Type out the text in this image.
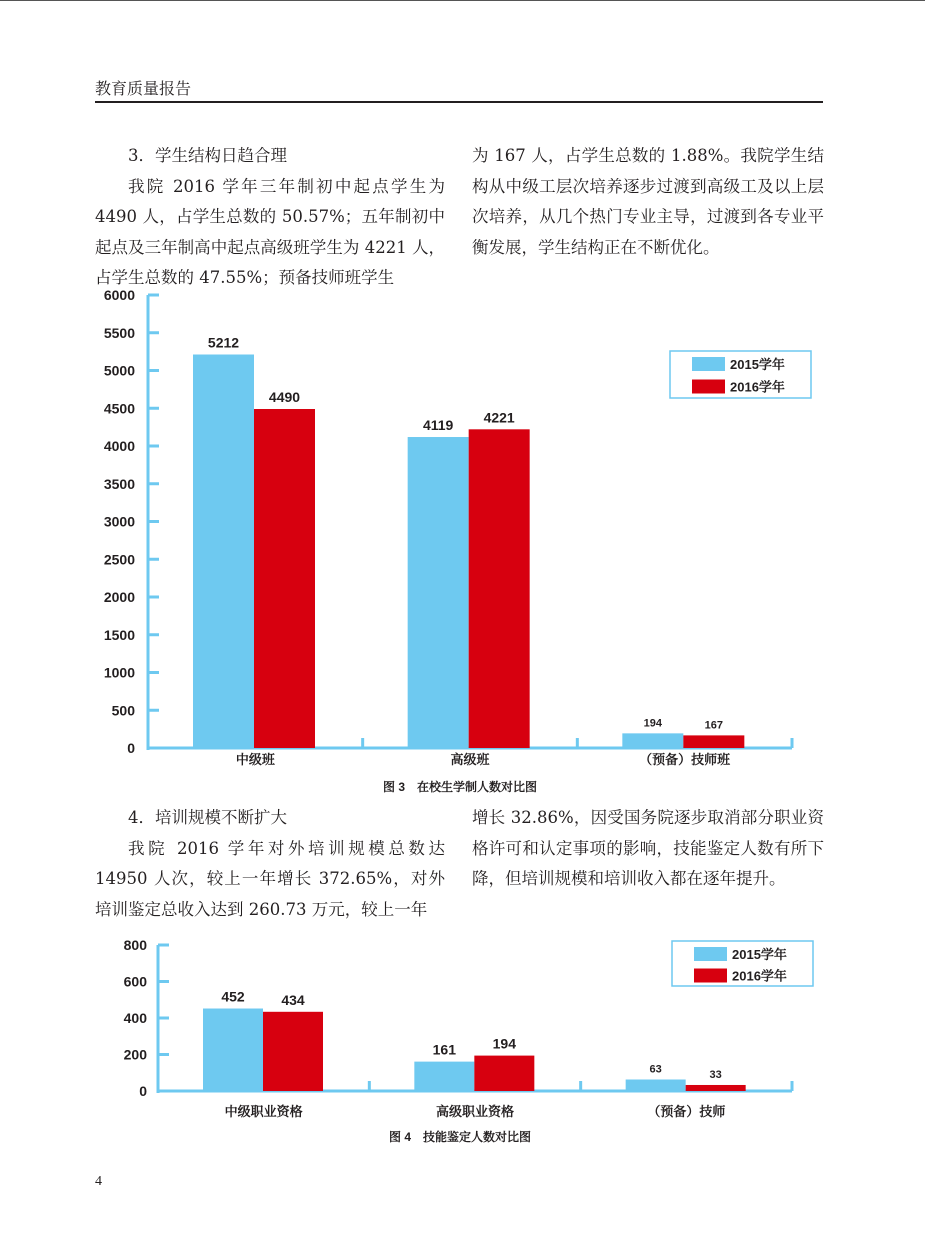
教育质量报告

3．学生结构日趋合理

我院 2016 学年三年制初中起点学生为 4490 人，占学生总数的 50.57%；五年制初中起点及三年制高中起点高级班学生为 4221 人，占学生总数的 47.55%；预备技师班学生

为 167 人，占学生总数的 1.88%。我院学生结构从中级工层次培养逐步过渡到高级工及以上层次培养，从几个热门专业主导，过渡到各专业平衡发展，学生结构正在不断优化。

4．培训规模不断扩大

我院 2016 学年对外培训规模总数达 14950 人次，较上一年增长 372.65%，对外培训鉴定总收入达到 260.73 万元，较上一年

增长 32.86%，因受国务院逐步取消部分职业资格许可和认定事项的影响，技能鉴定人数有所下降，但培训规模和培训收入都在逐年提升。

0
500
1000
1500
2000
2500
3000
3500
4000
4500
5000
5500
6000
5212
4119
194
4490
4221
167
中级班	高级班	（预备）技师班
2015学年
2016学年
图 3　在校生学制人数对比图
0
200
400
600
800
452
161
63
434
194
33
中级职业资格	高级职业资格	（预备）技师
2015学年
2016学年
图 4　技能鉴定人数对比图
4
